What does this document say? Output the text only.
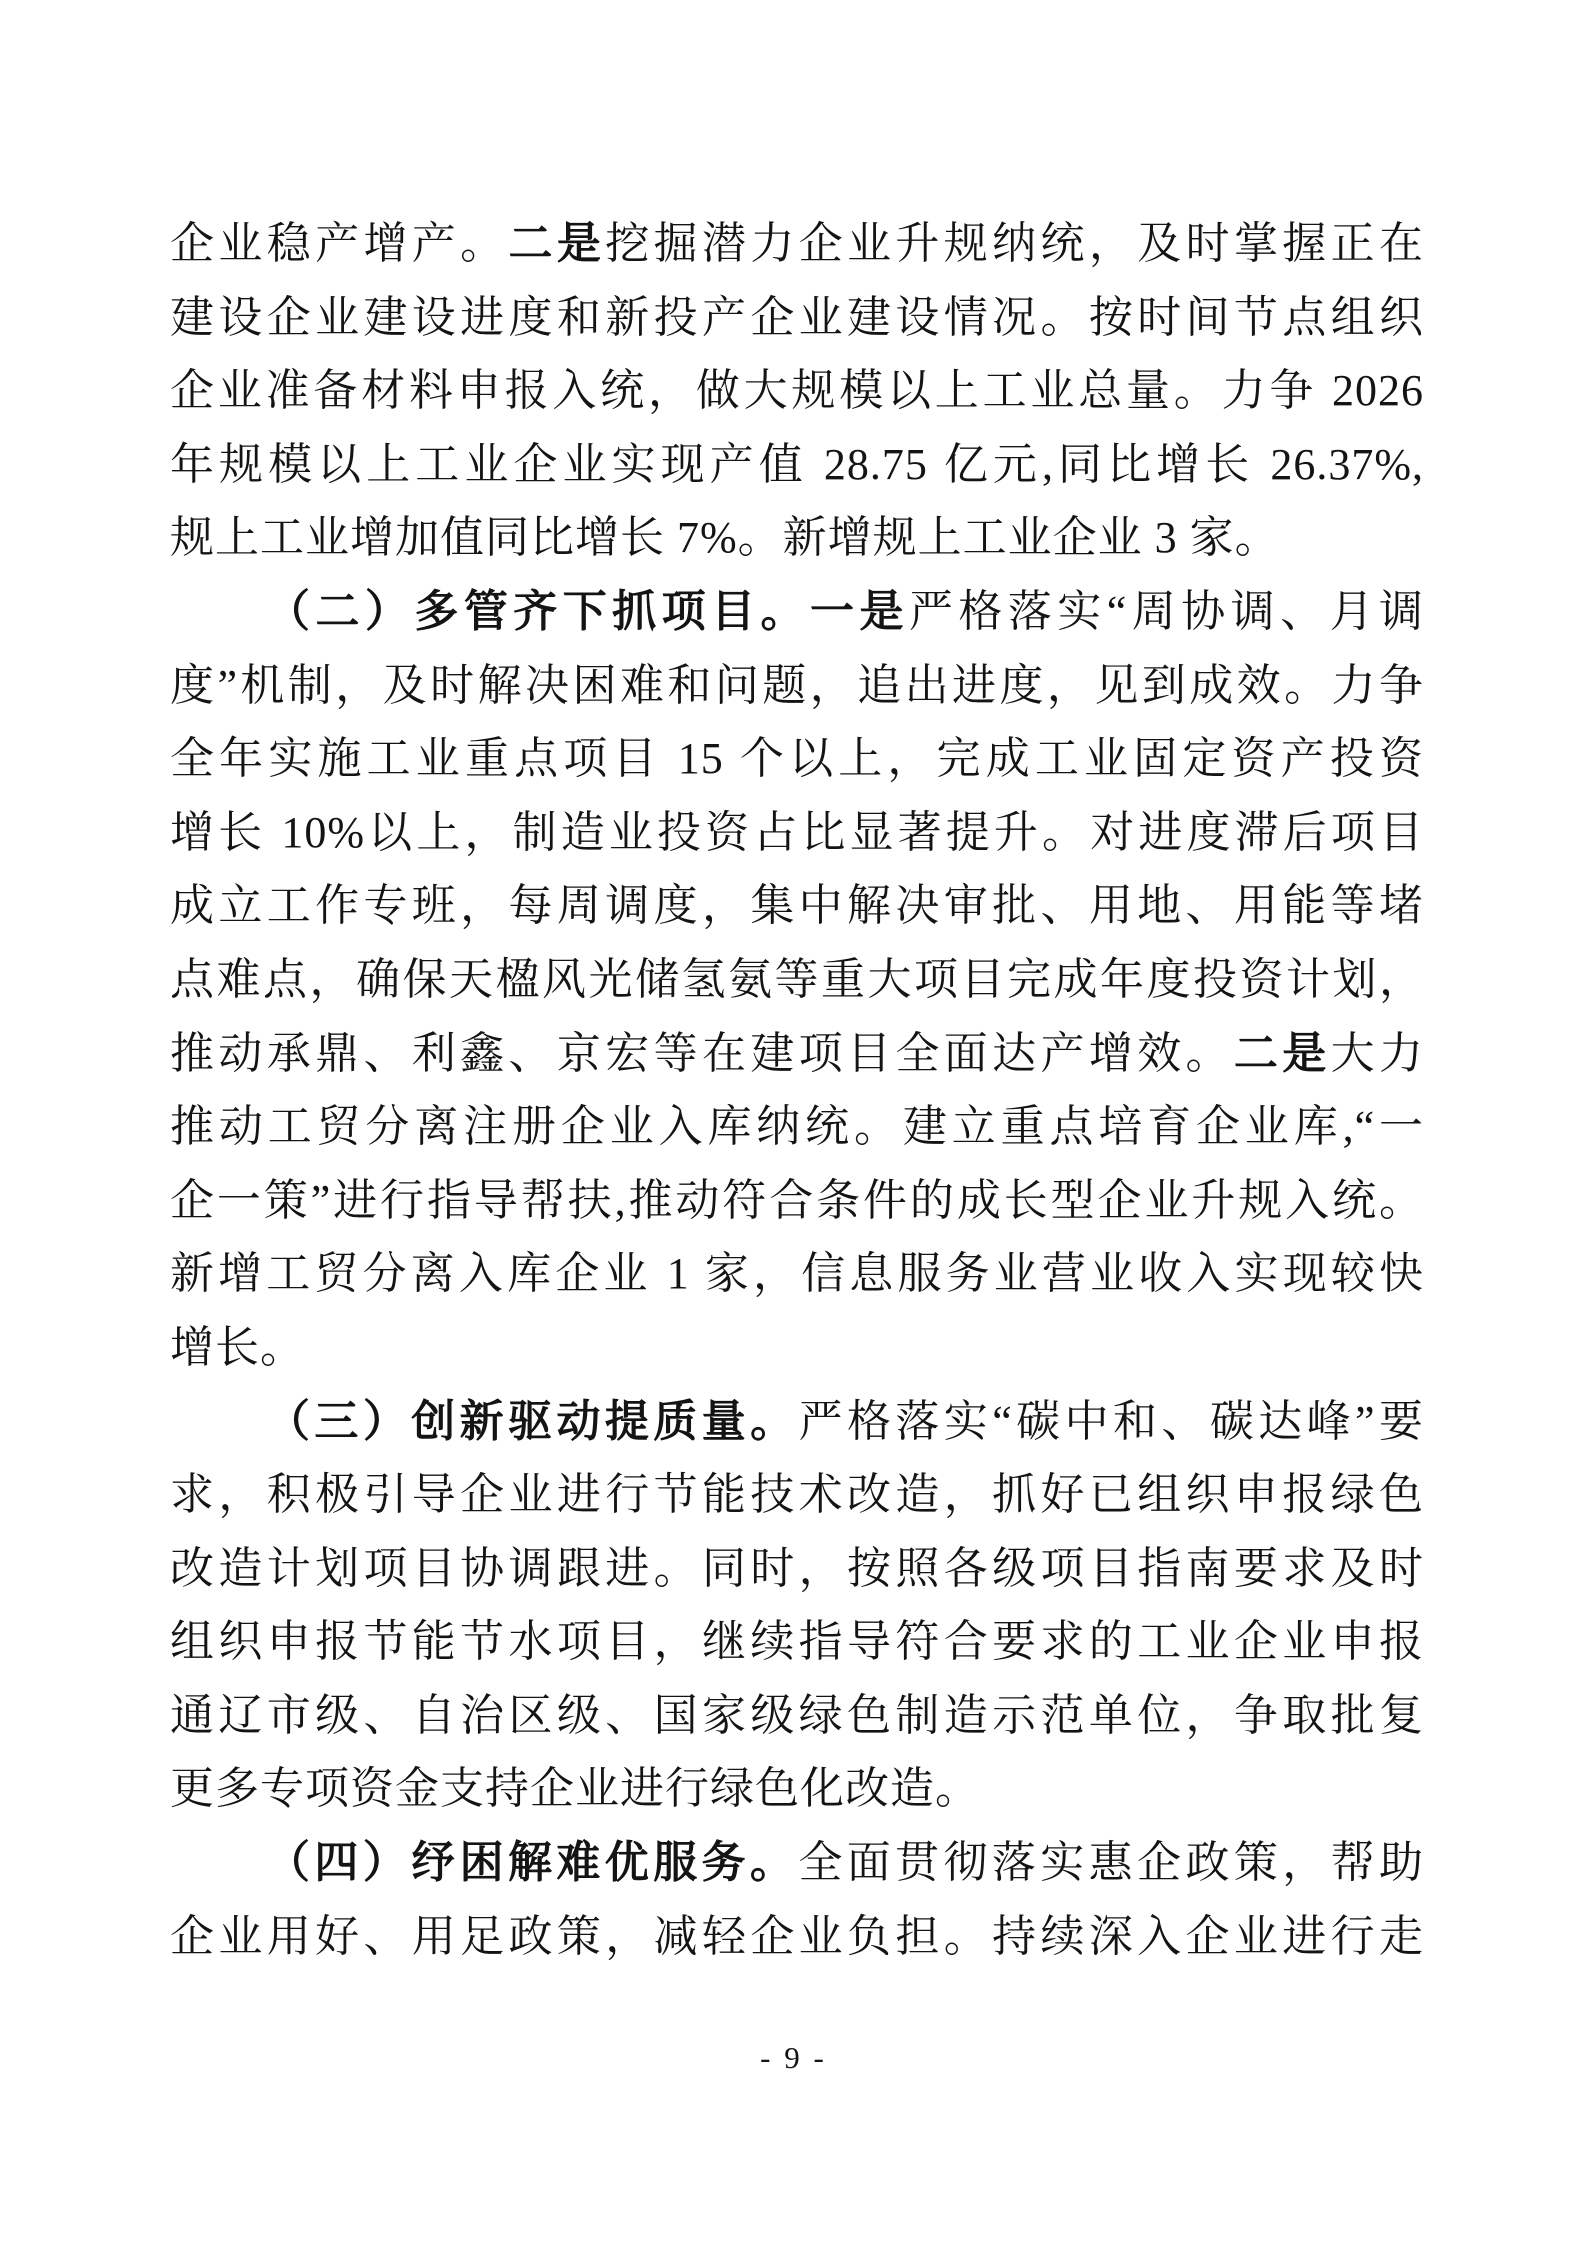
企业稳产增产。二是挖掘潜力企业升规纳统，及时掌握正在
建设企业建设进度和新投产企业建设情况。按时间节点组织
企业准备材料申报入统，做大规模以上工业总量。力争 2026
年规模以上工业企业实现产值 28.75 亿元,同比增长 26.37%,
规上工业增加值同比增长 7%。新增规上工业企业 3 家。
（二）多管齐下抓项目。一是严格落实“周协调、月调
度”机制，及时解决困难和问题，追出进度，见到成效。力争
全年实施工业重点项目 15 个以上，完成工业固定资产投资
增长 10%以上，制造业投资占比显著提升。对进度滞后项目
成立工作专班，每周调度，集中解决审批、用地、用能等堵
点难点，确保天楹风光储氢氨等重大项目完成年度投资计划，
推动承鼎、利鑫、京宏等在建项目全面达产增效。二是大力
推动工贸分离注册企业入库纳统。建立重点培育企业库,“一
企一策”进行指导帮扶,推动符合条件的成长型企业升规入统。
新增工贸分离入库企业 1 家，信息服务业营业收入实现较快
增长。
（三）创新驱动提质量。严格落实“碳中和、碳达峰”要
求，积极引导企业进行节能技术改造，抓好已组织申报绿色
改造计划项目协调跟进。同时，按照各级项目指南要求及时
组织申报节能节水项目，继续指导符合要求的工业企业申报
通辽市级、自治区级、国家级绿色制造示范单位，争取批复
更多专项资金支持企业进行绿色化改造。
（四）纾困解难优服务。全面贯彻落实惠企政策，帮助
企业用好、用足政策，减轻企业负担。持续深入企业进行走
- 9 -
